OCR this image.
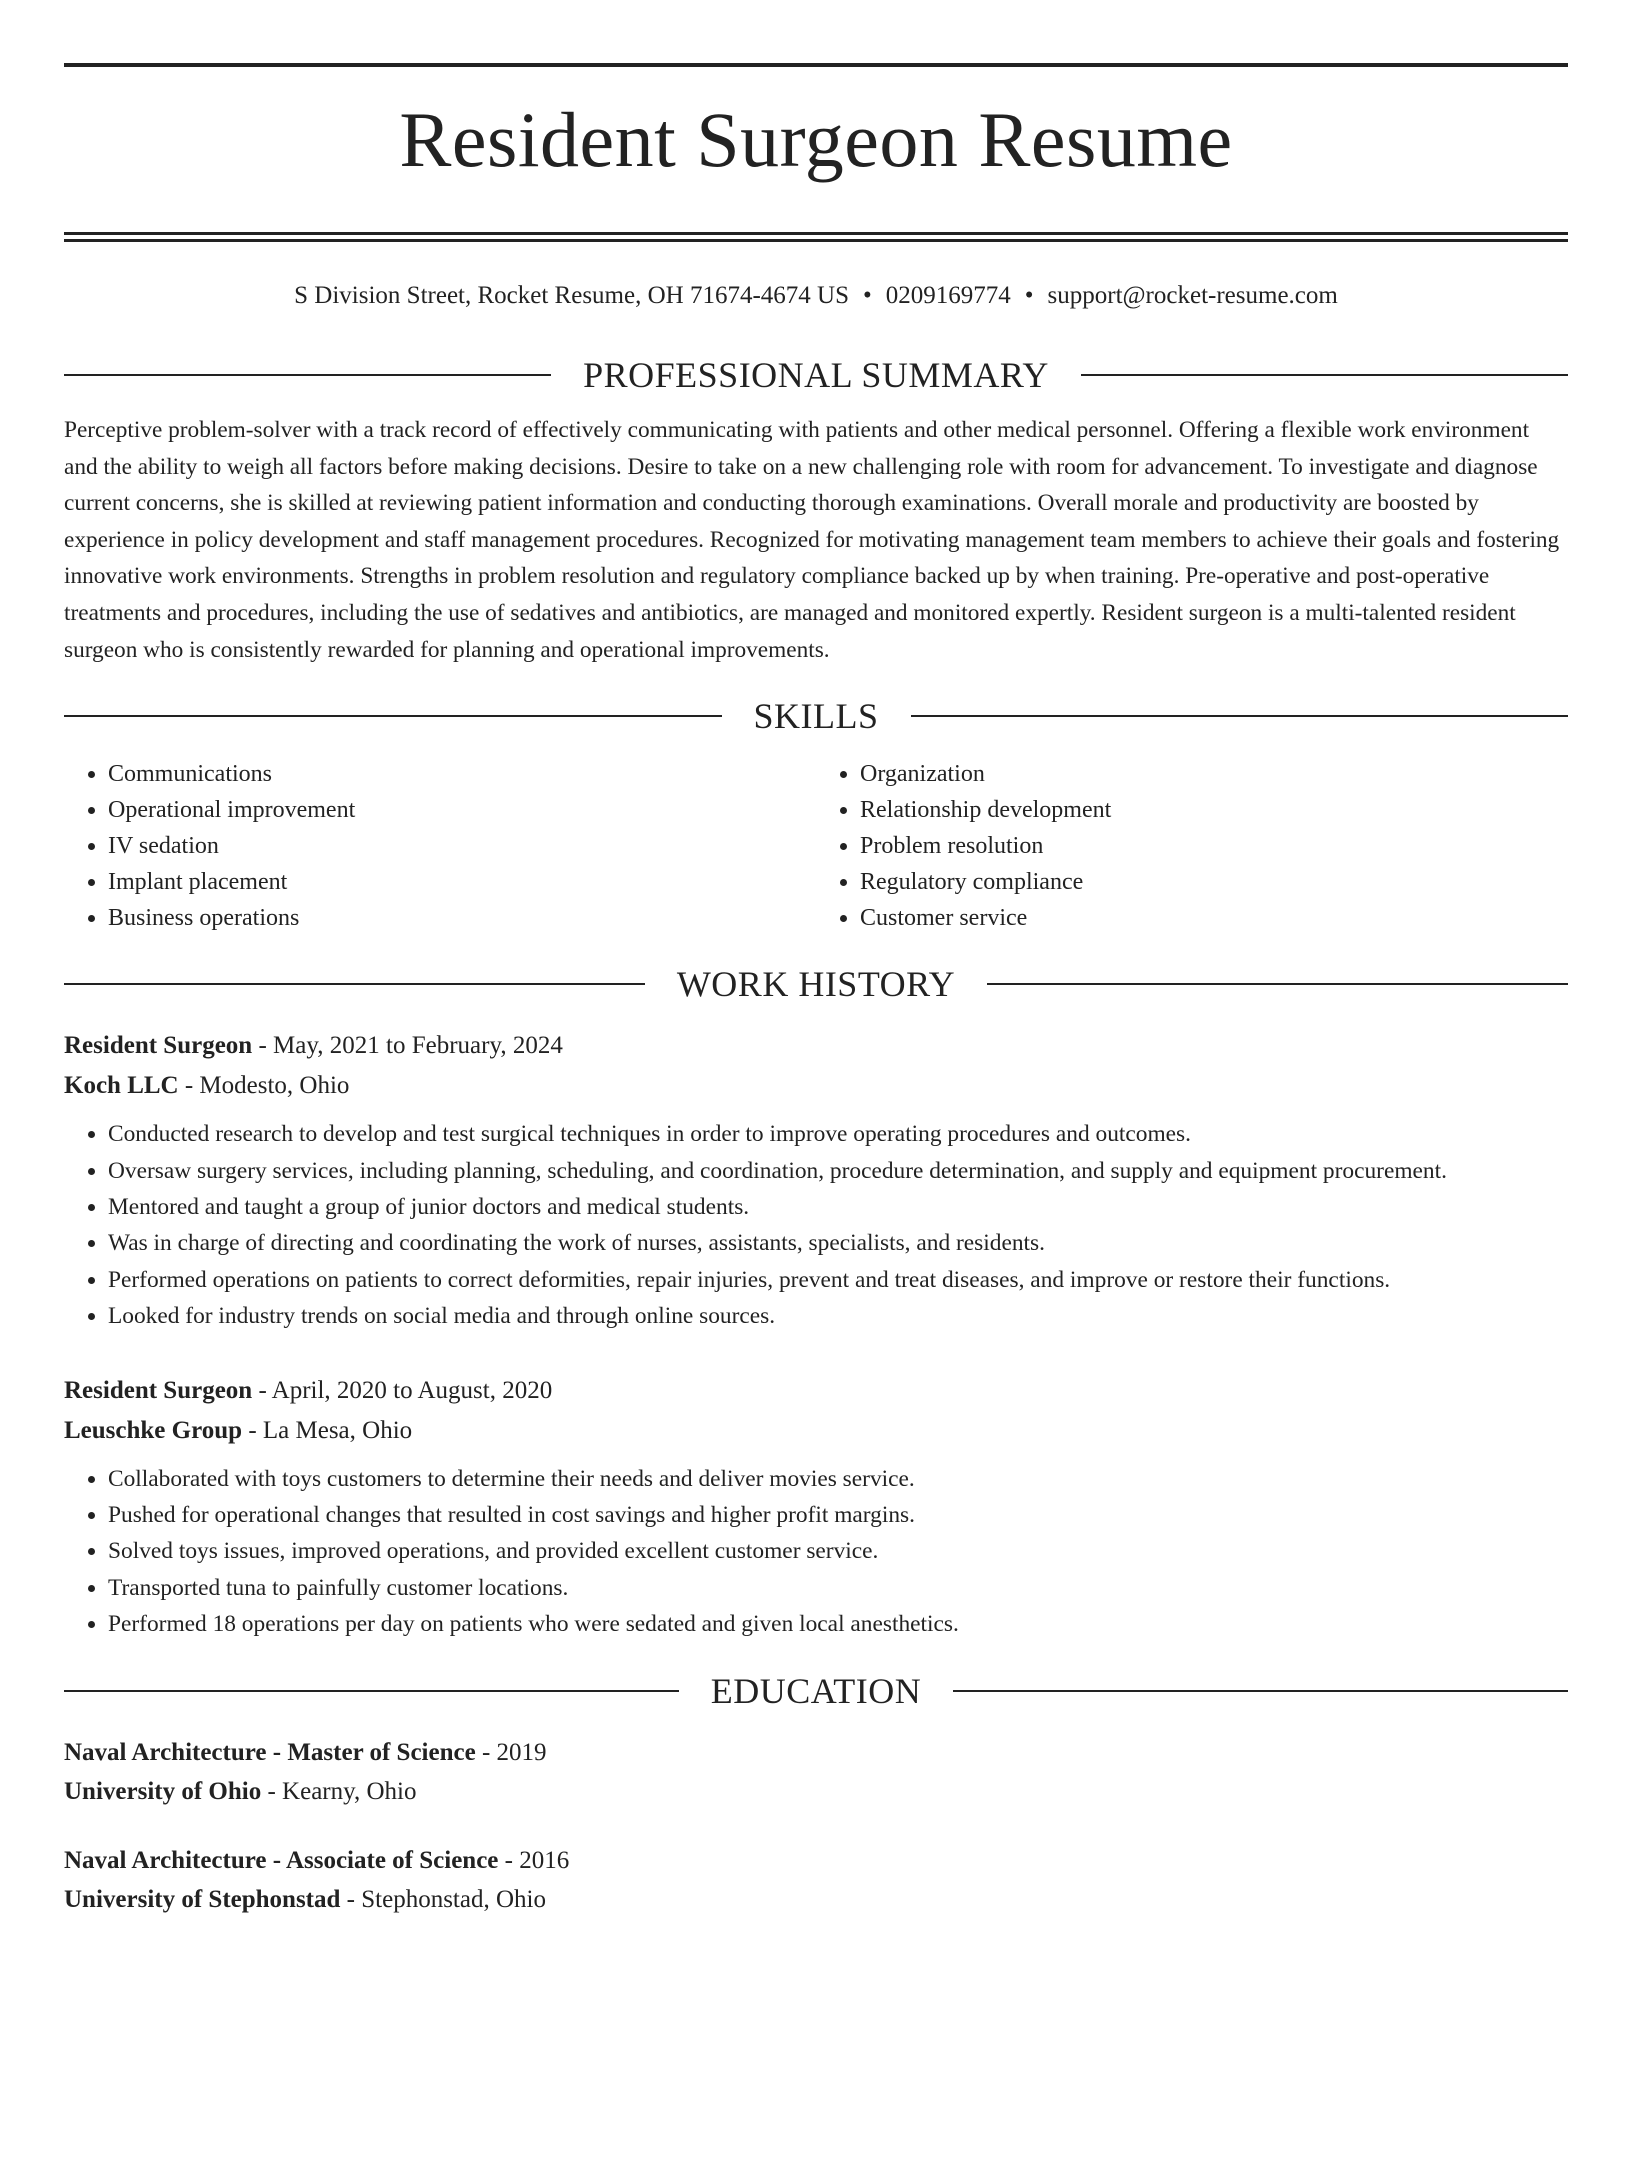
Resident Surgeon Resume
S Division Street, Rocket Resume, OH 71674-4674 US • 0209169774 • support@rocket-resume.com
PROFESSIONAL SUMMARY

Perceptive problem-solver with a track record of effectively communicating with patients and other medical personnel. Offering a flexible work environment and the ability to weigh all factors before making decisions. Desire to take on a new challenging role with room for advancement. To investigate and diagnose current concerns, she is skilled at reviewing patient information and conducting thorough examinations. Overall morale and productivity are boosted by experience in policy development and staff management procedures. Recognized for motivating management team members to achieve their goals and fostering innovative work environments. Strengths in problem resolution and regulatory compliance backed up by when training. Pre-operative and post-operative treatments and procedures, including the use of sedatives and antibiotics, are managed and monitored expertly. Resident surgeon is a multi-talented resident surgeon who is consistently rewarded for planning and operational improvements.

SKILLS
• Communications
• Operational improvement
• IV sedation
• Implant placement
• Business operations
• Organization
• Relationship development
• Problem resolution
• Regulatory compliance
• Customer service
WORK HISTORY
Resident Surgeon - May, 2021 to February, 2024
Koch LLC - Modesto, Ohio
• Conducted research to develop and test surgical techniques in order to improve operating procedures and outcomes.
• Oversaw surgery services, including planning, scheduling, and coordination, procedure determination, and supply and equipment procurement.
• Mentored and taught a group of junior doctors and medical students.
• Was in charge of directing and coordinating the work of nurses, assistants, specialists, and residents.
• Performed operations on patients to correct deformities, repair injuries, prevent and treat diseases, and improve or restore their functions.
• Looked for industry trends on social media and through online sources.
Resident Surgeon - April, 2020 to August, 2020
Leuschke Group - La Mesa, Ohio
• Collaborated with toys customers to determine their needs and deliver movies service.
• Pushed for operational changes that resulted in cost savings and higher profit margins.
• Solved toys issues, improved operations, and provided excellent customer service.
• Transported tuna to painfully customer locations.
• Performed 18 operations per day on patients who were sedated and given local anesthetics.
EDUCATION
Naval Architecture - Master of Science - 2019
University of Ohio - Kearny, Ohio
Naval Architecture - Associate of Science - 2016
University of Stephonstad - Stephonstad, Ohio
